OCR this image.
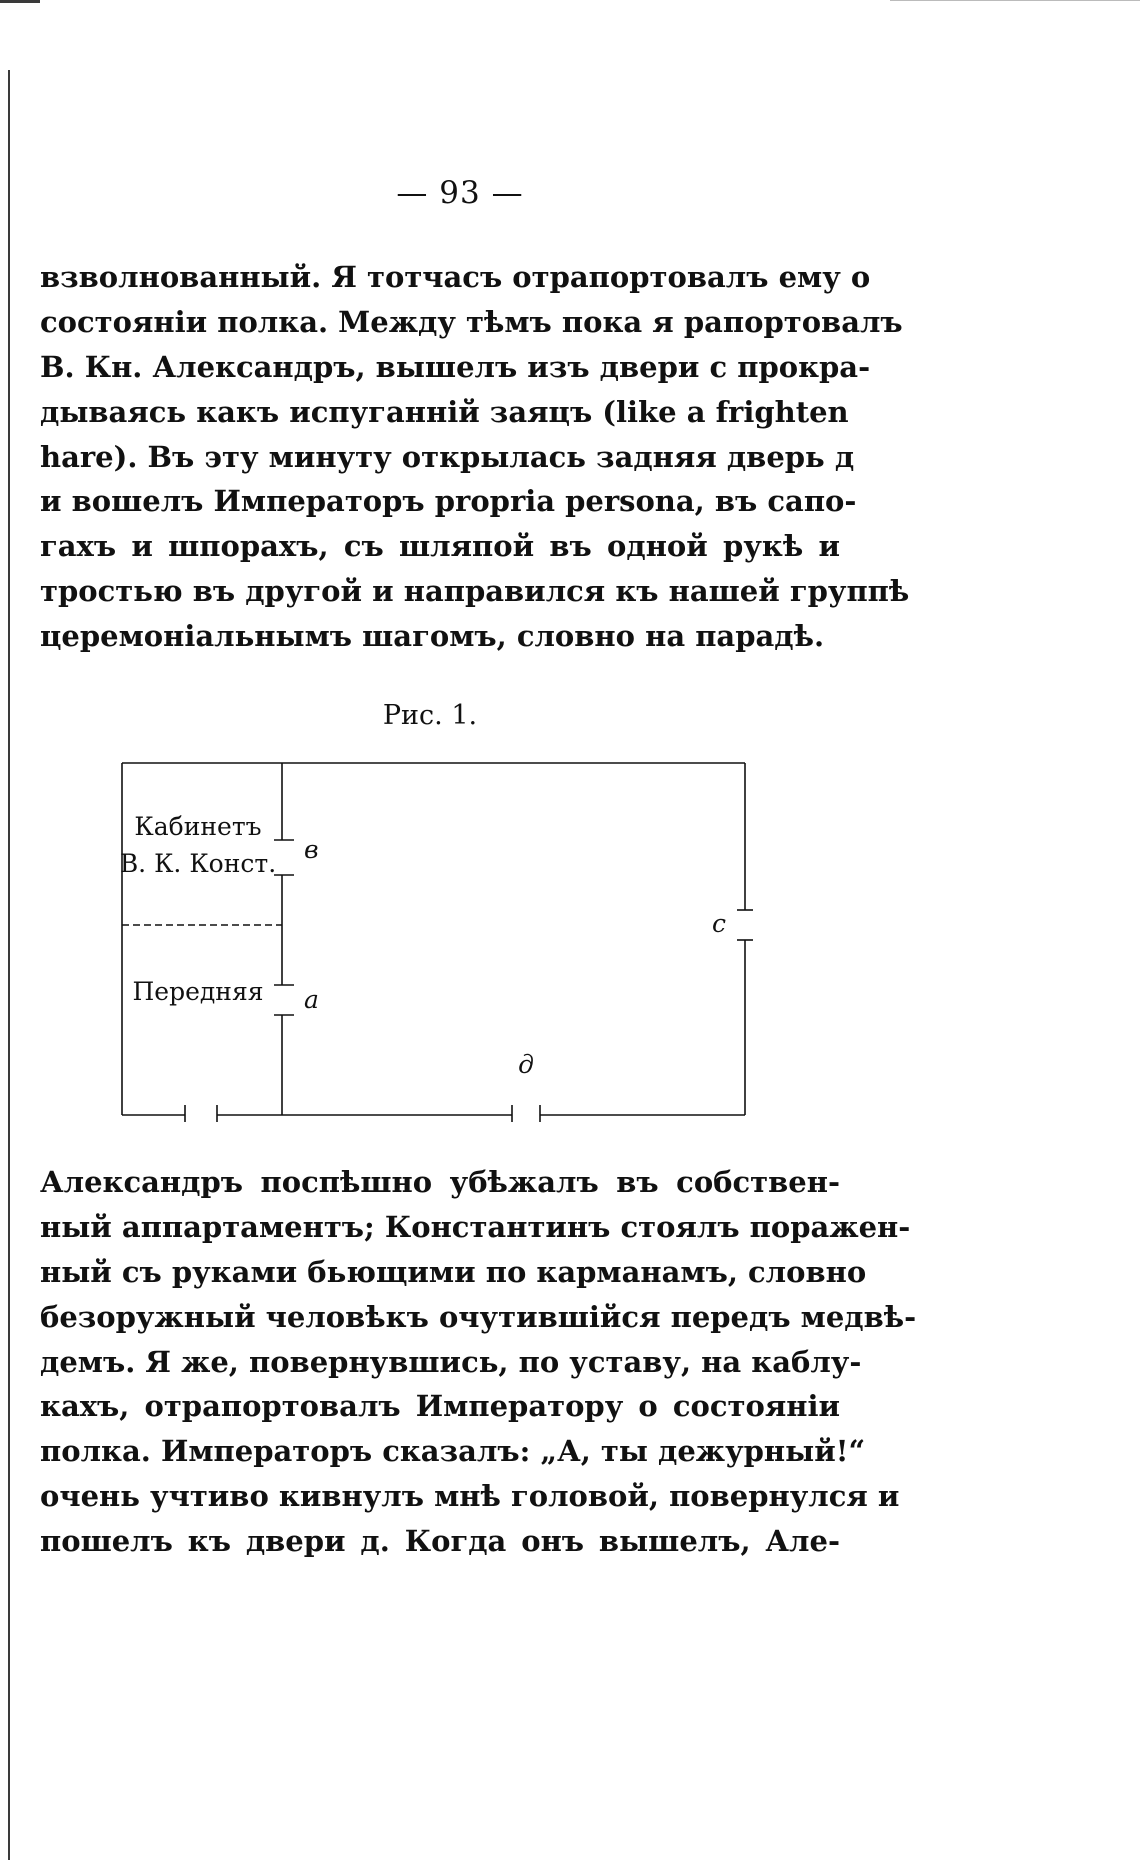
— 93 —
взволнованный. Я тотчасъ отрапортовалъ ему о
состояніи полка. Между тѣмъ пока я рапортовалъ
В. Кн. Александръ, вышелъ изъ двери c прокра-
дываясь какъ испуганній заяцъ (like a frighten
hare). Въ эту минуту открылась задняя дверь д
и вошелъ Императоръ propria persona, въ сапо-
гахъ и шпорахъ, съ шляпой въ одной рукѣ и
тростью въ другой и направился къ нашей группѣ
церемоніальнымъ шагомъ, словно на парадѣ.
Рис. 1.
Кабинетъ
В. К. Конст.
Передняя
в
а
c
д
Александръ поспѣшно убѣжалъ въ собствен-
ный аппартаментъ; Константинъ стоялъ поражен-
ный съ руками бьющими по карманамъ, словно
безоружный человѣкъ очутившійся передъ медвѣ-
демъ. Я же, повернувшись, по уставу, на каблу-
кахъ, отрапортовалъ Императору о состояніи
полка. Императоръ сказалъ: „А, ты дежурный!“
очень учтиво кивнулъ мнѣ головой, повернулся и
пошелъ къ двери д. Когда онъ вышелъ, Але-
